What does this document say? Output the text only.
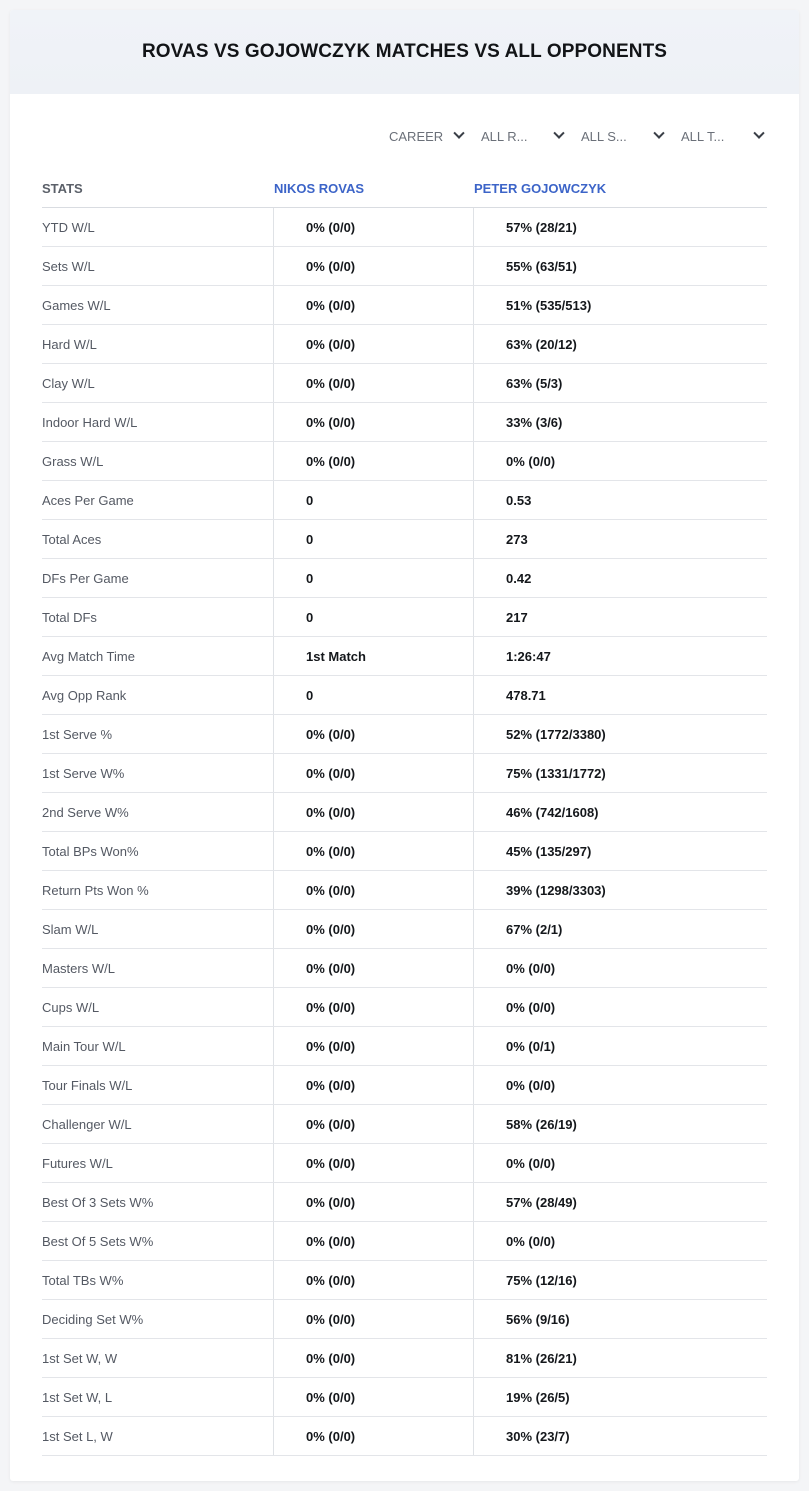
ROVAS VS GOJOWCZYK MATCHES VS ALL OPPONENTS
CAREER	ALL R...	ALL S...	ALL T...
STATS	NIKOS ROVAS	PETER GOJOWCZYK
YTD W/L	0% (0/0)	57% (28/21)
Sets W/L	0% (0/0)	55% (63/51)
Games W/L	0% (0/0)	51% (535/513)
Hard W/L	0% (0/0)	63% (20/12)
Clay W/L	0% (0/0)	63% (5/3)
Indoor Hard W/L	0% (0/0)	33% (3/6)
Grass W/L	0% (0/0)	0% (0/0)
Aces Per Game	0	0.53
Total Aces	0	273
DFs Per Game	0	0.42
Total DFs	0	217
Avg Match Time	1st Match	1:26:47
Avg Opp Rank	0	478.71
1st Serve %	0% (0/0)	52% (1772/3380)
1st Serve W%	0% (0/0)	75% (1331/1772)
2nd Serve W%	0% (0/0)	46% (742/1608)
Total BPs Won%	0% (0/0)	45% (135/297)
Return Pts Won %	0% (0/0)	39% (1298/3303)
Slam W/L	0% (0/0)	67% (2/1)
Masters W/L	0% (0/0)	0% (0/0)
Cups W/L	0% (0/0)	0% (0/0)
Main Tour W/L	0% (0/0)	0% (0/1)
Tour Finals W/L	0% (0/0)	0% (0/0)
Challenger W/L	0% (0/0)	58% (26/19)
Futures W/L	0% (0/0)	0% (0/0)
Best Of 3 Sets W%	0% (0/0)	57% (28/49)
Best Of 5 Sets W%	0% (0/0)	0% (0/0)
Total TBs W%	0% (0/0)	75% (12/16)
Deciding Set W%	0% (0/0)	56% (9/16)
1st Set W, W	0% (0/0)	81% (26/21)
1st Set W, L	0% (0/0)	19% (26/5)
1st Set L, W	0% (0/0)	30% (23/7)
